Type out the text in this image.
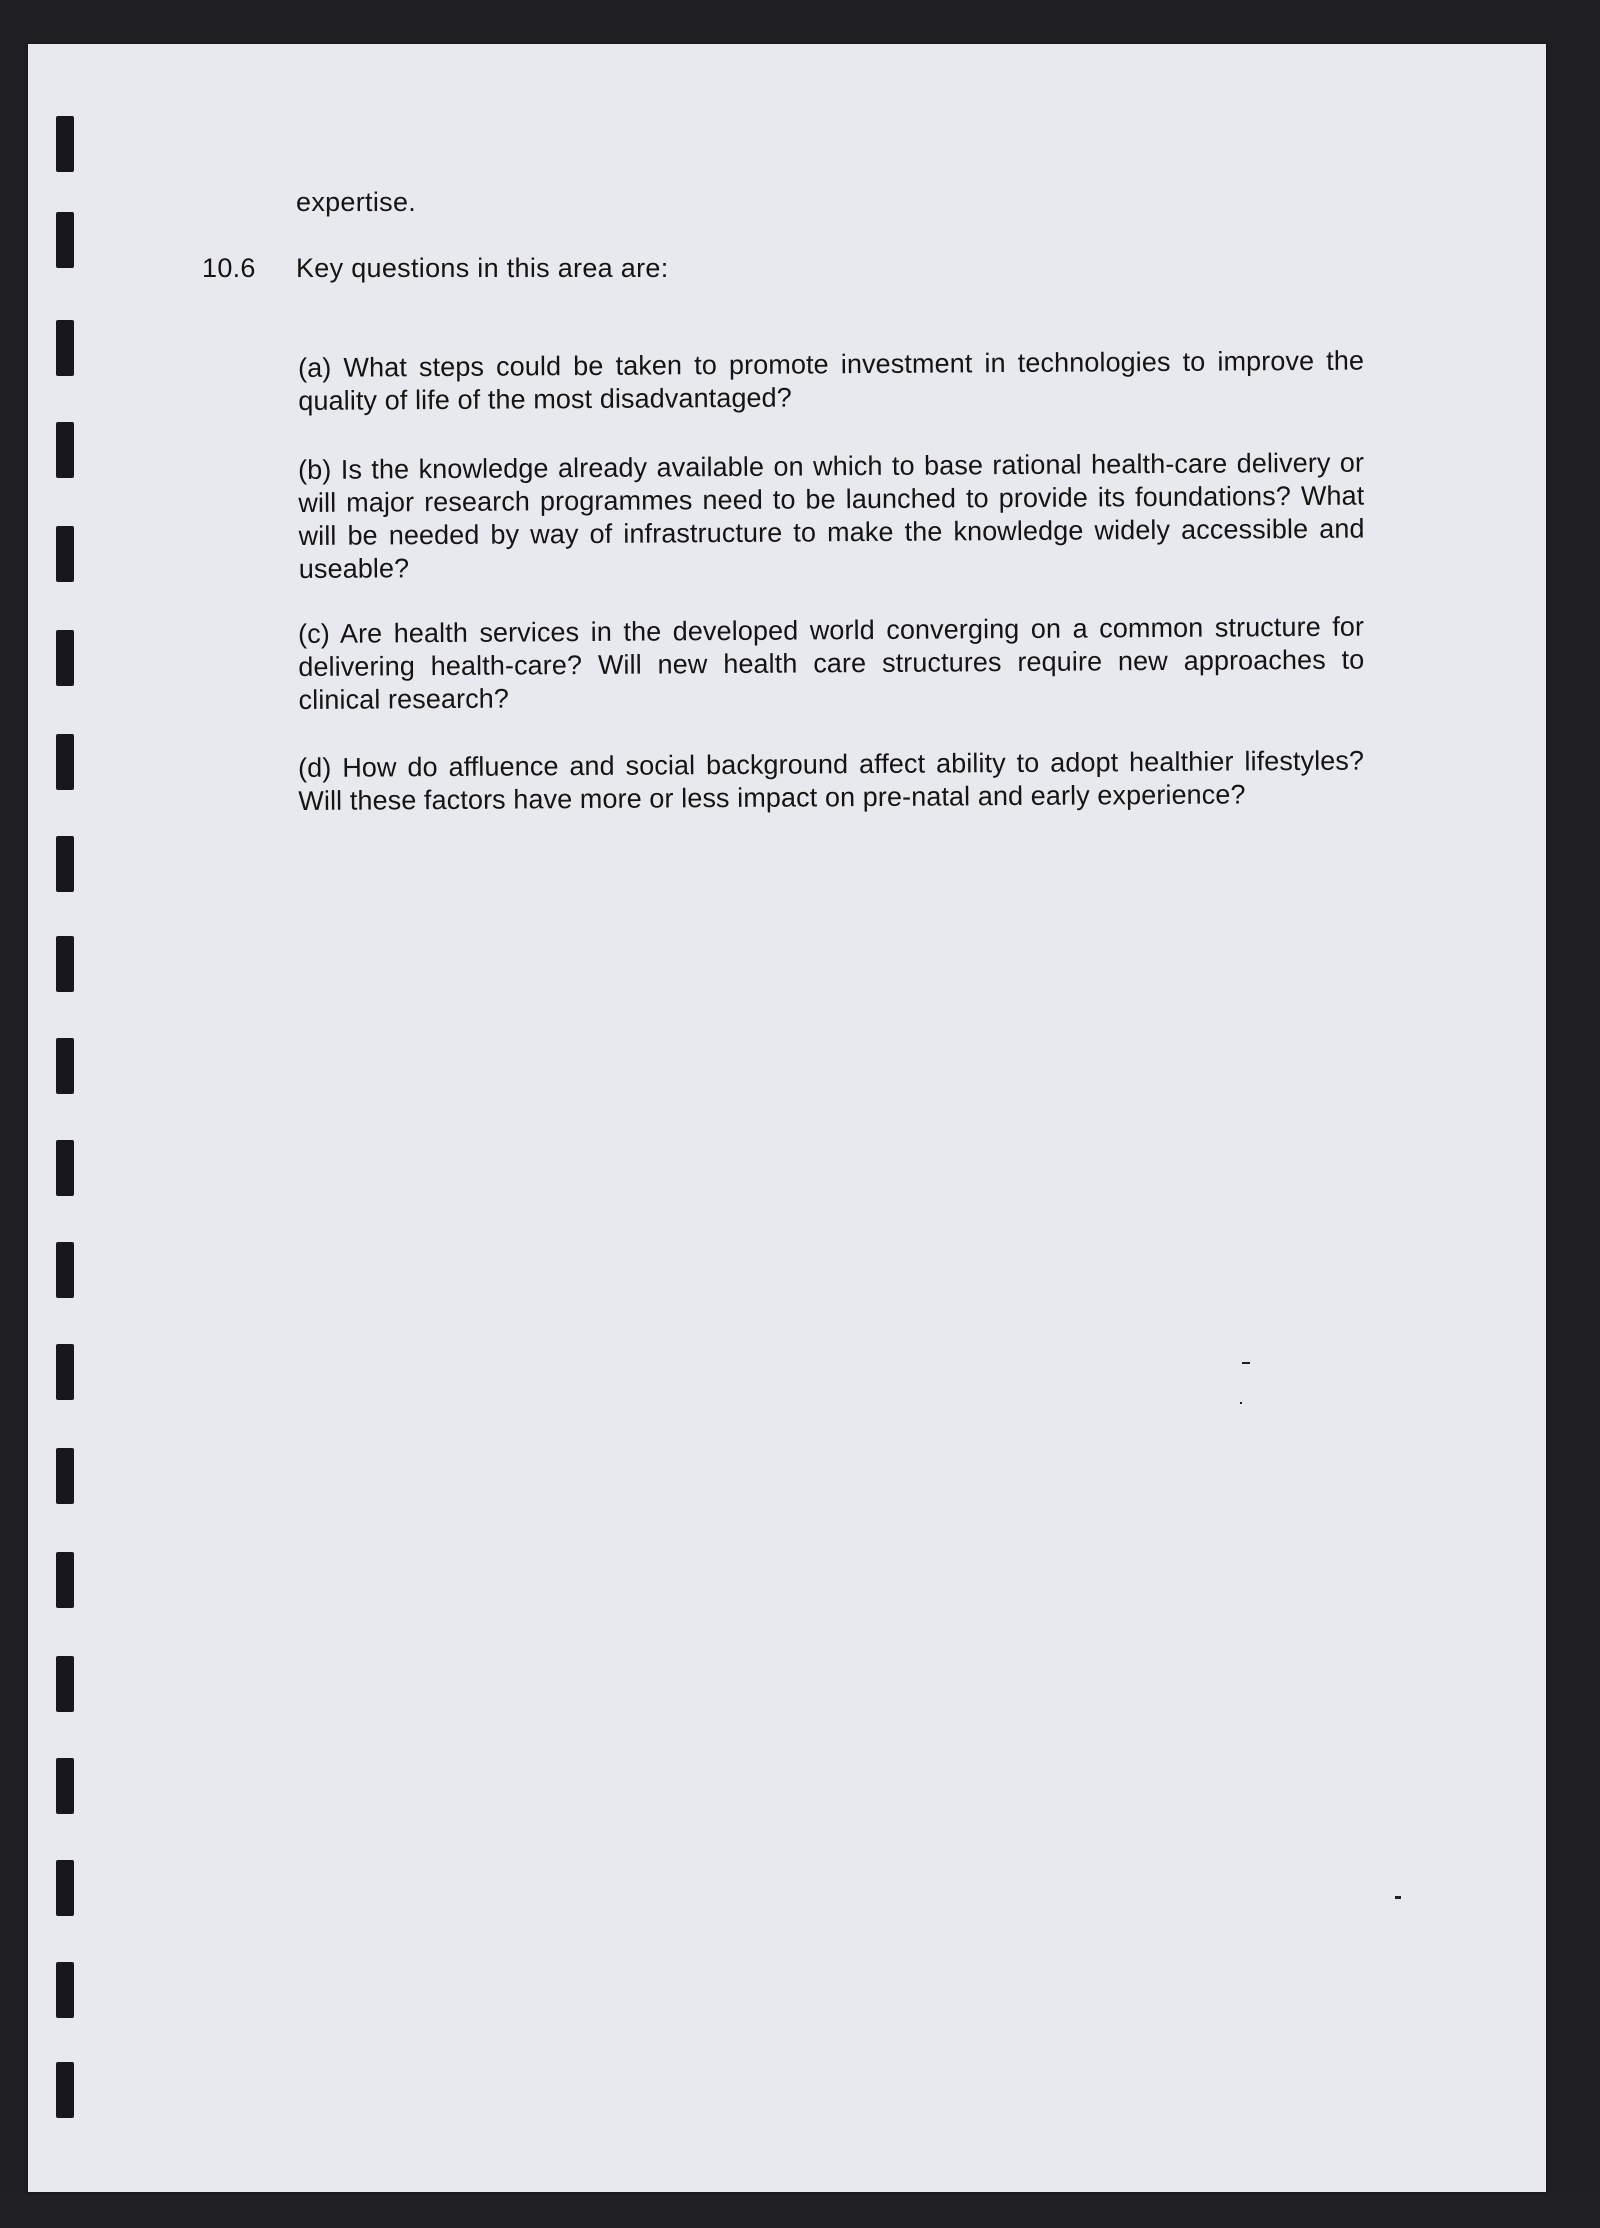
expertise.
10.6 Key questions in this area are:
(a) What steps could be taken to promote investment in technologies to improve the quality of life of the most disadvantaged?
(b) Is the knowledge already available on which to base rational health-care delivery or will major research programmes need to be launched to provide its foundations? What will be needed by way of infrastructure to make the knowledge widely accessible and useable?
(c) Are health services in the developed world converging on a common structure for delivering health-care? Will new health care structures require new approaches to clinical research?
(d) How do affluence and social background affect ability to adopt healthier lifestyles? Will these factors have more or less impact on pre-natal and early experience?
